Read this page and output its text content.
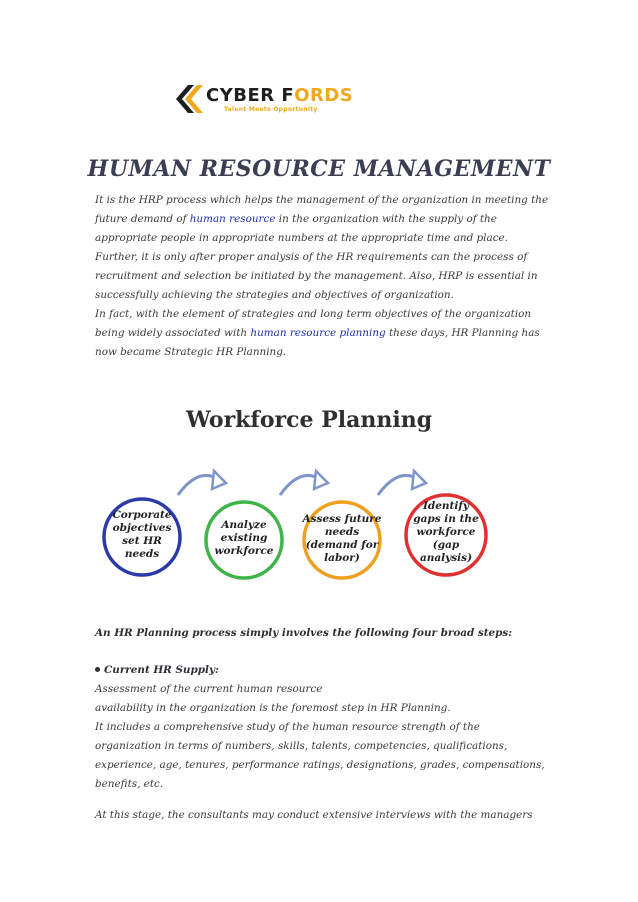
CYBER FORDS
Talent Meets Opportunity
HUMAN RESOURCE MANAGEMENT

It is the HRP process which helps the management of the organization in meeting the
future demand of human resource in the organization with the supply of the
appropriate people in appropriate numbers at the appropriate time and place.
Further, it is only after proper analysis of the HR requirements can the process of
recruitment and selection be initiated by the management. Also, HRP is essential in
successfully achieving the strategies and objectives of organization.
In fact, with the element of strategies and long term objectives of the organization
being widely associated with human resource planning these days, HR Planning has
now became Strategic HR Planning.

Workforce Planning
Corporate
objectives
set HR
needs
Analyze
existing
workforce
Assess future
needs
(demand for
labor)
Identify
gaps in the
workforce
(gap
analysis)

An HR Planning process simply involves the following four broad steps:

Current HR Supply:

Assessment of the current human resource
availability in the organization is the foremost step in HR Planning.
It includes a comprehensive study of the human resource strength of the
organization in terms of numbers, skills, talents, competencies, qualifications,
experience, age, tenures, performance ratings, designations, grades, compensations,
benefits, etc.

At this stage, the consultants may conduct extensive interviews with the managers
